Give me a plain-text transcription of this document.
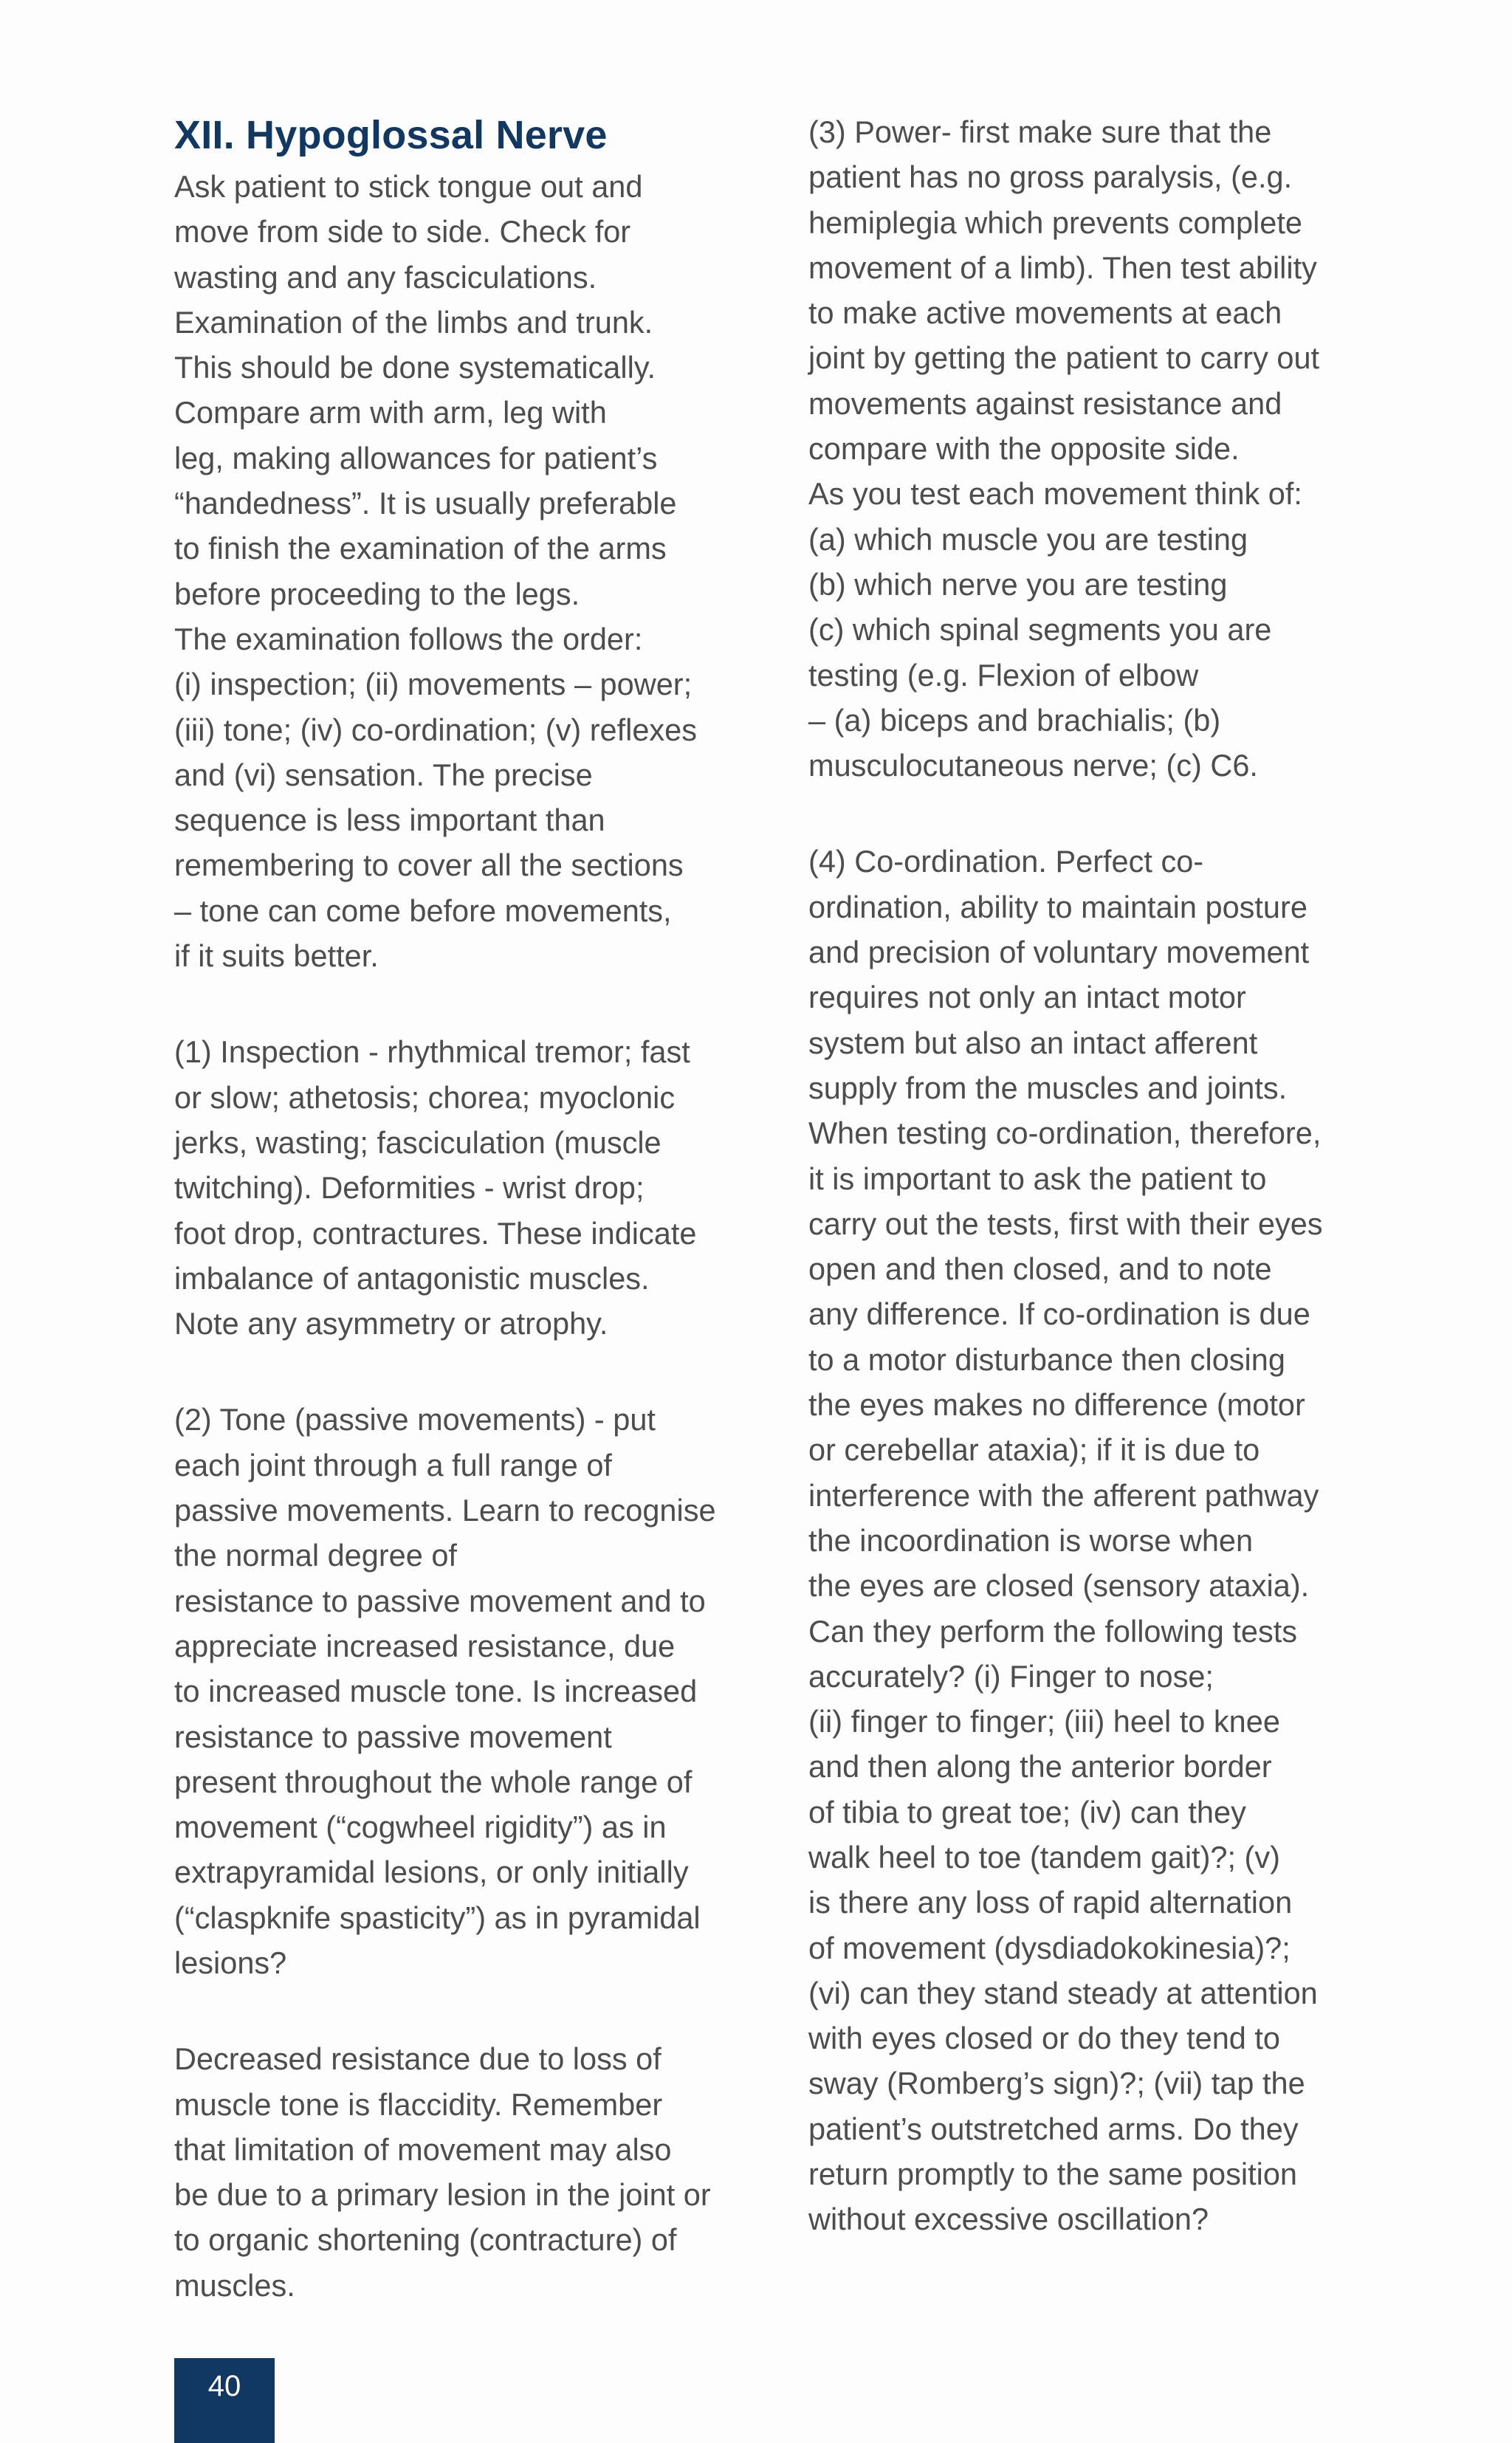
XII. Hypoglossal Nerve
Ask patient to stick tongue out and
move from side to side. Check for
wasting and any fasciculations.
Examination of the limbs and trunk.
This should be done systematically.
Compare arm with arm, leg with
leg, making allowances for patient’s
“handedness”. It is usually preferable
to finish the examination of the arms
before proceeding to the legs.
The examination follows the order:
(i) inspection; (ii) movements – power;
(iii) tone; (iv) co-ordination; (v) reflexes
and (vi) sensation. The precise
sequence is less important than
remembering to cover all the sections
– tone can come before movements,
if it suits better.
(1) Inspection - rhythmical tremor; fast
or slow; athetosis; chorea; myoclonic
jerks, wasting; fasciculation (muscle
twitching). Deformities - wrist drop;
foot drop, contractures. These indicate
imbalance of antagonistic muscles.
Note any asymmetry or atrophy.
(2) Tone (passive movements) - put
each joint through a full range of
passive movements. Learn to recognise
the normal degree of
resistance to passive movement and to
appreciate increased resistance, due
to increased muscle tone. Is increased
resistance to passive movement
present throughout the whole range of
movement (“cogwheel rigidity”) as in
extrapyramidal lesions, or only initially
(“claspknife spasticity”) as in pyramidal
lesions?
Decreased resistance due to loss of
muscle tone is flaccidity. Remember
that limitation of movement may also
be due to a primary lesion in the joint or
to organic shortening (contracture) of
muscles.
(3) Power- first make sure that the
patient has no gross paralysis, (e.g.
hemiplegia which prevents complete
movement of a limb). Then test ability
to make active movements at each
joint by getting the patient to carry out
movements against resistance and
compare with the opposite side.
As you test each movement think of:
(a) which muscle you are testing
(b) which nerve you are testing
(c) which spinal segments you are
testing (e.g. Flexion of elbow
– (a) biceps and brachialis; (b)
musculocutaneous nerve; (c) C6.
(4) Co-ordination. Perfect co-
ordination, ability to maintain posture
and precision of voluntary movement
requires not only an intact motor
system but also an intact afferent
supply from the muscles and joints.
When testing co-ordination, therefore,
it is important to ask the patient to
carry out the tests, first with their eyes
open and then closed, and to note
any difference. If co-ordination is due
to a motor disturbance then closing
the eyes makes no difference (motor
or cerebellar ataxia); if it is due to
interference with the afferent pathway
the incoordination is worse when
the eyes are closed (sensory ataxia).
Can they perform the following tests
accurately? (i) Finger to nose;
(ii) finger to finger; (iii) heel to knee
and then along the anterior border
of tibia to great toe; (iv) can they
walk heel to toe (tandem gait)?; (v)
is there any loss of rapid alternation
of movement (dysdiadokokinesia)?;
(vi) can they stand steady at attention
with eyes closed or do they tend to
sway (Romberg’s sign)?; (vii) tap the
patient’s outstretched arms. Do they
return promptly to the same position
without excessive oscillation?
40
